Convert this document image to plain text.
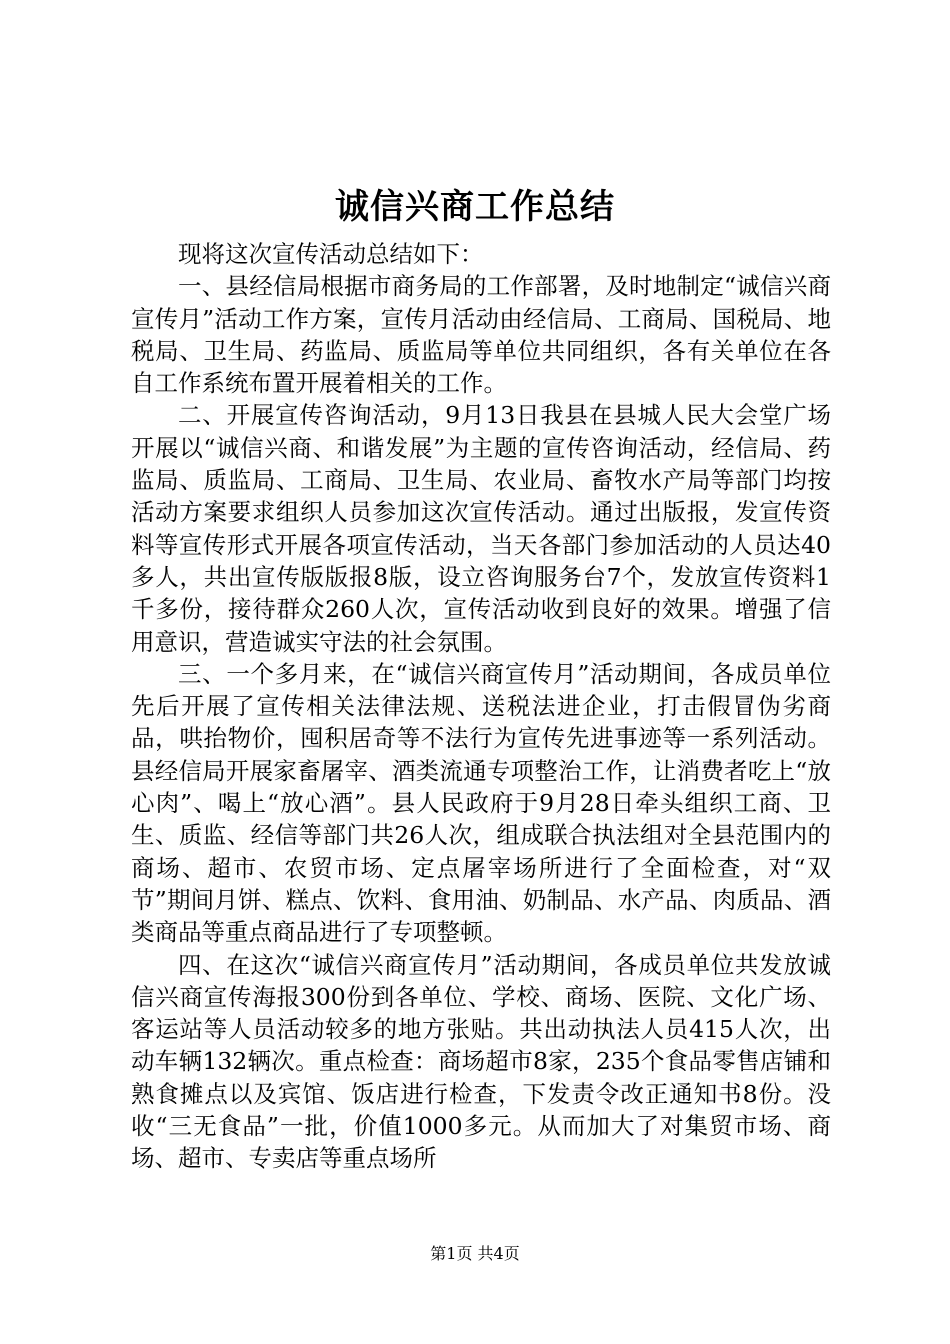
诚信兴商工作总结

现将这次宣传活动总结如下：

一、县经信局根据市商务局的工作部署，及时地制定“诚信兴商宣传月”活动工作方案，宣传月活动由经信局、工商局、国税局、地税局、卫生局、药监局、质监局等单位共同组织，各有关单位在各自工作系统布置开展着相关的工作。

二、开展宣传咨询活动，9月13日我县在县城人民大会堂广场开展以“诚信兴商、和谐发展”为主题的宣传咨询活动，经信局、药监局、质监局、工商局、卫生局、农业局、畜牧水产局等部门均按活动方案要求组织人员参加这次宣传活动。通过出版报，发宣传资料等宣传形式开展各项宣传活动，当天各部门参加活动的人员达40多人，共出宣传版版报8版，设立咨询服务台7个，发放宣传资料1千多份，接待群众260人次，宣传活动收到良好的效果。增强了信用意识，营造诚实守法的社会氛围。

三、一个多月来，在“诚信兴商宣传月”活动期间，各成员单位先后开展了宣传相关法律法规、送税法进企业，打击假冒伪劣商品，哄抬物价，囤积居奇等不法行为宣传先进事迹等一系列活动。县经信局开展家畜屠宰、酒类流通专项整治工作，让消费者吃上“放心肉”、喝上“放心酒”。县人民政府于9月28日牵头组织工商、卫生、质监、经信等部门共26人次，组成联合执法组对全县范围内的商场、超市、农贸市场、定点屠宰场所进行了全面检查，对“双节”期间月饼、糕点、饮料、食用油、奶制品、水产品、肉质品、酒类商品等重点商品进行了专项整顿。

四、在这次“诚信兴商宣传月”活动期间，各成员单位共发放诚信兴商宣传海报300份到各单位、学校、商场、医院、文化广场、客运站等人员活动较多的地方张贴。共出动执法人员415人次，出动车辆132辆次。重点检查：商场超市8家，235个食品零售店铺和熟食摊点以及宾馆、饭店进行检查，下发责令改正通知书8份。没收“三无食品”一批，价值1000多元。从而加大了对集贸市场、商场、超市、专卖店等重点场所

第1页 共4页
